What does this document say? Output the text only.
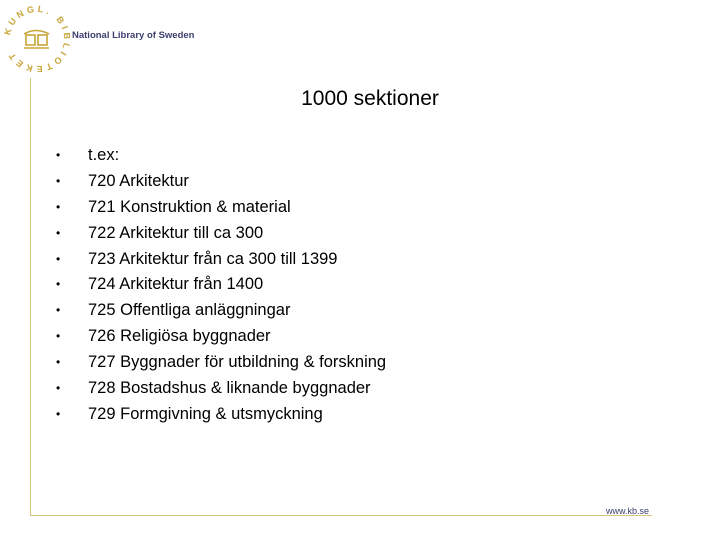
KUNGL. BIBLIOTEKET
National Library of Sweden
1000 sektioner
•	t.ex:
•	720 Arkitektur
•	721 Konstruktion & material
•	722 Arkitektur till ca 300
•	723 Arkitektur från ca 300 till 1399
•	724 Arkitektur från 1400
•	725 Offentliga anläggningar
•	726 Religiösa byggnader
•	727 Byggnader för utbildning & forskning
•	728 Bostadshus & liknande byggnader
•	729 Formgivning & utsmyckning
www.kb.se
